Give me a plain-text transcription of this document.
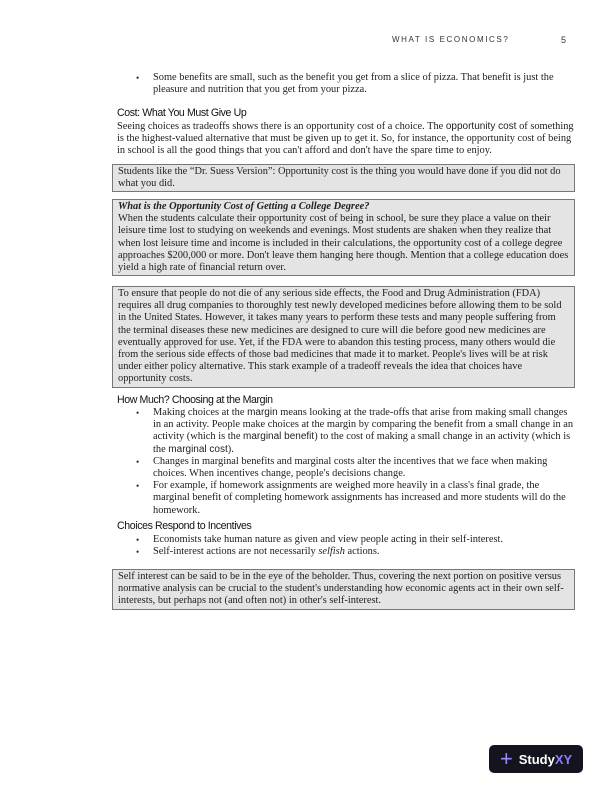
WHAT IS ECONOMICS?	5
• Some benefits are small, such as the benefit you get from a slice of pizza. That benefit is just the pleasure and nutrition that you get from your pizza.
Cost: What You Must Give Up
Seeing choices as tradeoffs shows there is an opportunity cost of a choice. The opportunity cost of something is the highest-valued alternative that must be given up to get it. So, for instance, the opportunity cost of being in school is all the good things that you can't afford and don't have the spare time to enjoy.
Students like the “Dr. Suess Version”: Opportunity cost is the thing you would have done if you did not do what you did.
What is the Opportunity Cost of Getting a College Degree?
When the students calculate their opportunity cost of being in school, be sure they place a value on their leisure time lost to studying on weekends and evenings. Most students are shaken when they realize that when lost leisure time and income is included in their calculations, the opportunity cost of a college degree approaches $200,000 or more. Don't leave them hanging here though. Mention that a college education does yield a high rate of financial return over.
To ensure that people do not die of any serious side effects, the Food and Drug Administration (FDA) requires all drug companies to thoroughly test newly developed medicines before allowing them to be sold in the United States. However, it takes many years to perform these tests and many people suffering from the terminal diseases these new medicines are designed to cure will die before good new medicines are eventually approved for use. Yet, if the FDA were to abandon this testing process, many others would die from the serious side effects of those bad medicines that made it to market. People's lives will be at risk under either policy alternative. This stark example of a tradeoff reveals the idea that choices have opportunity costs.
How Much? Choosing at the Margin
• Making choices at the margin means looking at the trade-offs that arise from making small changes in an activity. People make choices at the margin by comparing the benefit from a small change in an activity (which is the marginal benefit) to the cost of making a small change in an activity (which is the marginal cost).
• Changes in marginal benefits and marginal costs alter the incentives that we face when making choices. When incentives change, people's decisions change.
• For example, if homework assignments are weighed more heavily in a class's final grade, the marginal benefit of completing homework assignments has increased and more students will do the homework.
Choices Respond to Incentives
• Economists take human nature as given and view people acting in their self-interest.
• Self-interest actions are not necessarily selfish actions.
Self interest can be said to be in the eye of the beholder. Thus, covering the next portion on positive versus normative analysis can be crucial to the student's understanding how economic agents act in their own self-interests, but perhaps not (and often not) in other's self-interest.
+ StudyXY
